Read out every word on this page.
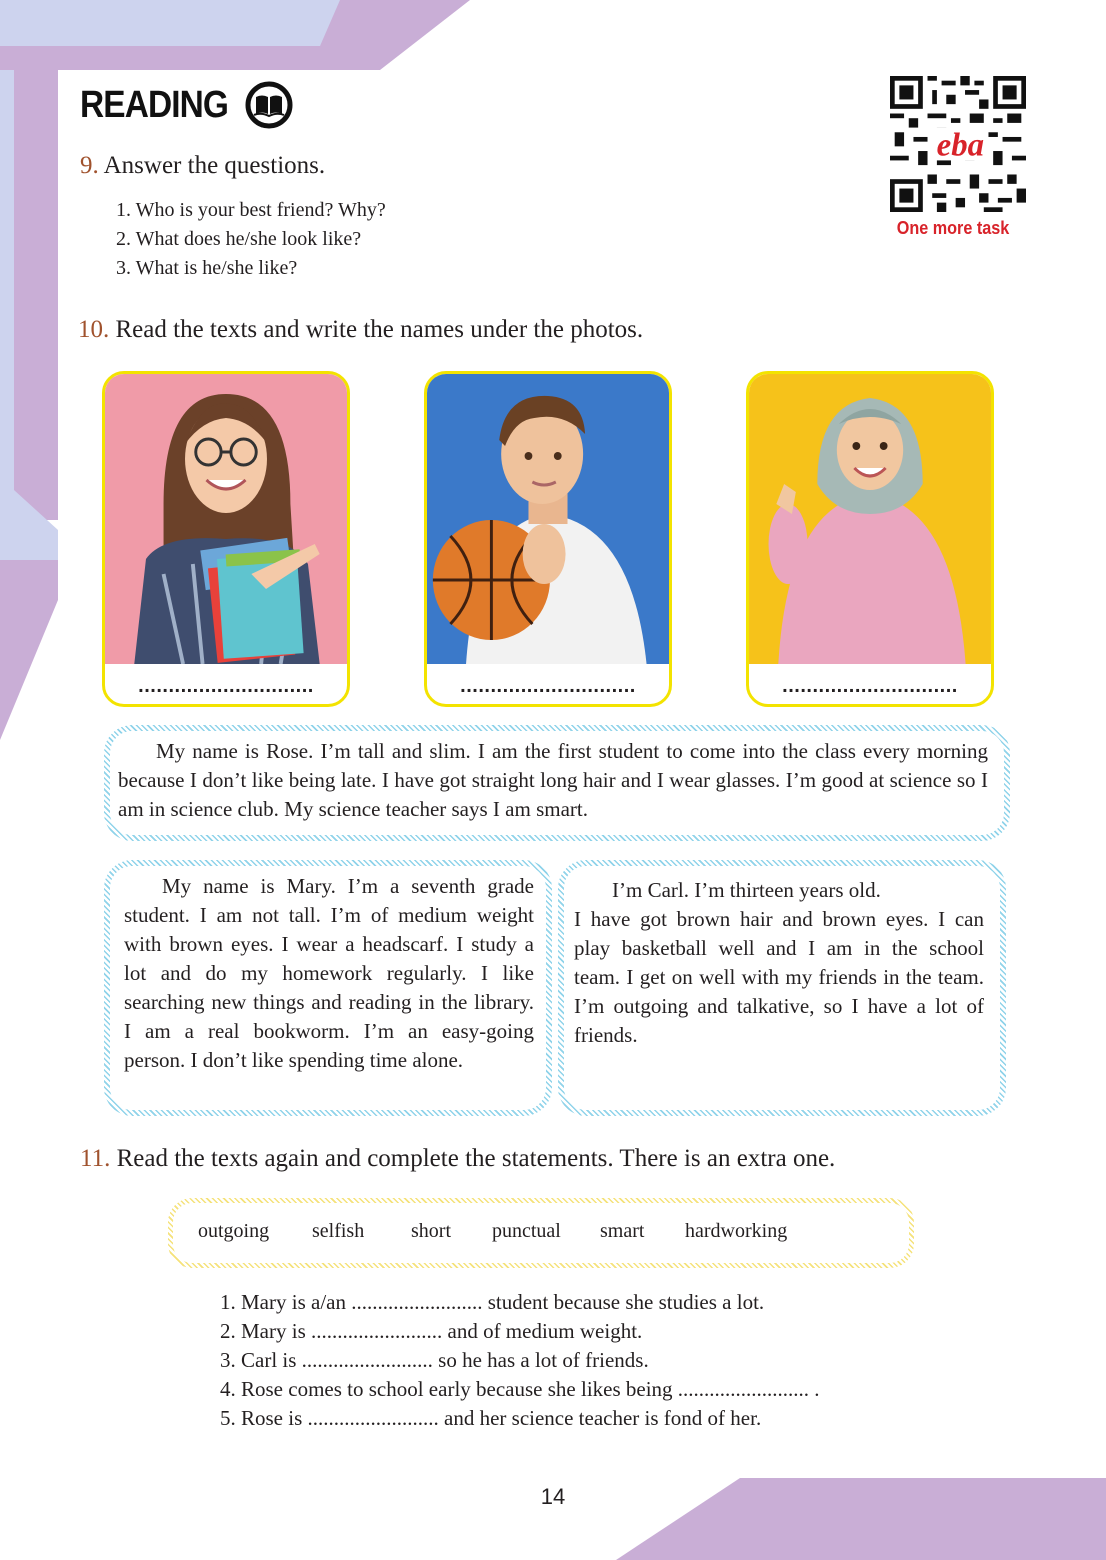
READING
eba
One more task
9. Answer the questions.
1. Who is your best friend? Why?
2. What does he/she look like?
3. What is he/she like?
10. Read the texts and write the names under the photos.
.............................	.............................	.............................

My name is Rose. I’m tall and slim. I am the first student to come into the class every morning because I don’t like being late. I have got straight long hair and I wear glasses. I’m good at science so I am in science club. My science teacher says I am smart.

My name is Mary. I’m a seventh grade student. I am not tall. I’m of medium weight with brown eyes. I wear a headscarf. I study a lot and do my homework regularly. I like searching new things and reading in the library. I am a real bookworm. I’m an easy-going person. I don’t like spending time alone.

I’m Carl. I’m thirteen years old.

I have got brown hair and brown eyes. I can play basketball well and I am in the school team. I get on well with my friends in the team. I’m outgoing and talkative, so I have a lot of friends.

11. Read the texts again and complete the statements. There is an extra one.
outgoing selfish short punctual smart hardworking
1. Mary is a/an ......................... student because she studies a lot.
2. Mary is ......................... and of medium weight.
3. Carl is ......................... so he has a lot of friends.
4. Rose comes to school early because she likes being ......................... .
5. Rose is ......................... and her science teacher is fond of her.
14
